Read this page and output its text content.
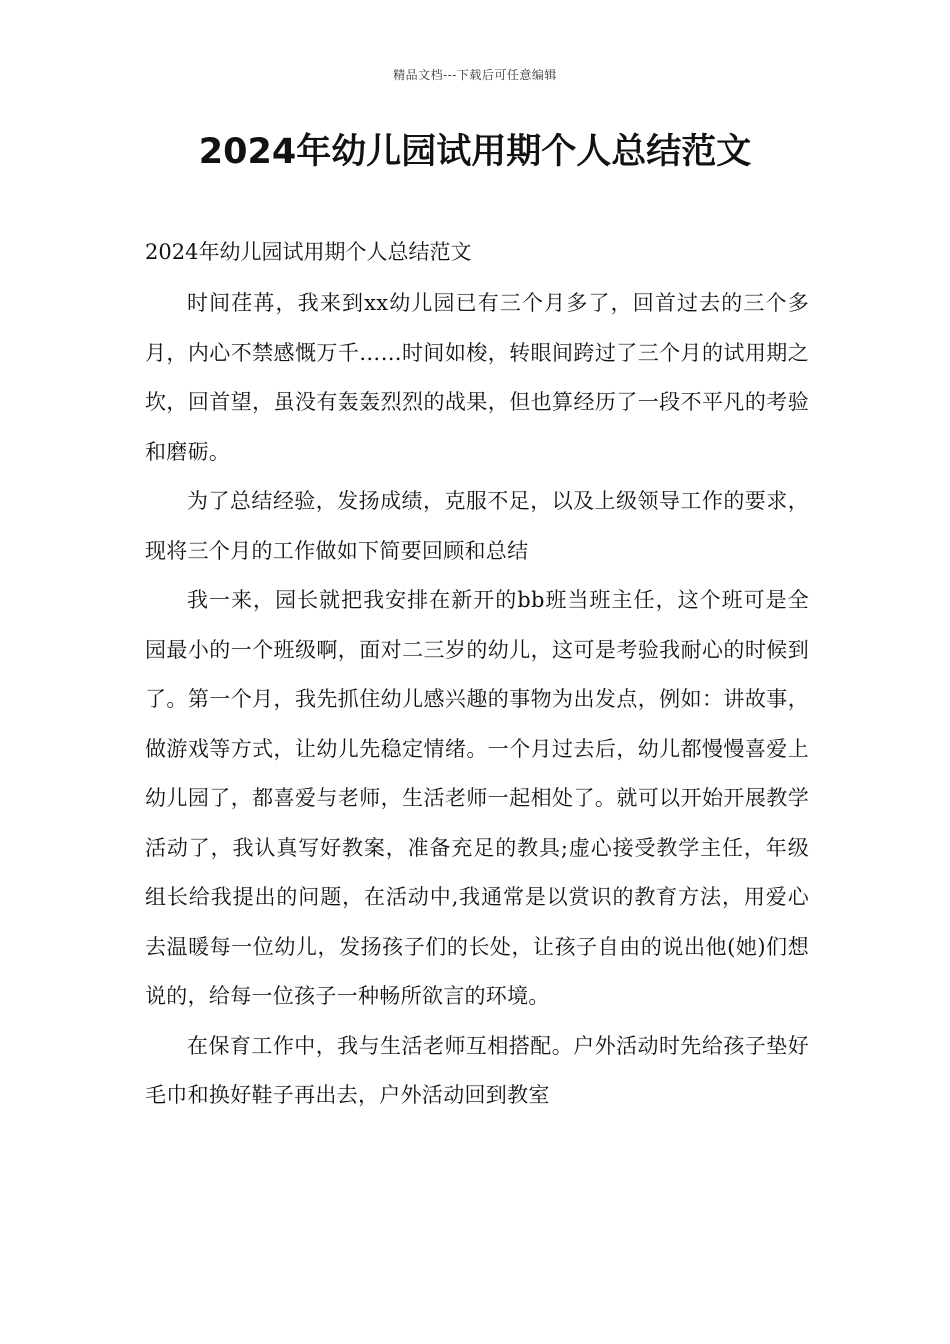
精品文档---下载后可任意编辑
2024年幼儿园试用期个人总结范文

2024年幼儿园试用期个人总结范文

时间荏苒，我来到xx幼儿园已有三个月多了，回首过去的三个多月，内心不禁感慨万千……时间如梭，转眼间跨过了三个月的试用期之坎，回首望，虽没有轰轰烈烈的战果，但也算经历了一段不平凡的考验和磨砺。

为了总结经验，发扬成绩，克服不足，以及上级领导工作的要求，现将三个月的工作做如下简要回顾和总结

我一来，园长就把我安排在新开的bb班当班主任，这个班可是全园最小的一个班级啊，面对二三岁的幼儿，这可是考验我耐心的时候到了。第一个月，我先抓住幼儿感兴趣的事物为出发点，例如：讲故事，做游戏等方式，让幼儿先稳定情绪。一个月过去后，幼儿都慢慢喜爱上幼儿园了，都喜爱与老师，生活老师一起相处了。就可以开始开展教学活动了，我认真写好教案，准备充足的教具;虚心接受教学主任，年级组长给我提出的问题，在活动中,我通常是以赏识的教育方法，用爱心去温暖每一位幼儿，发扬孩子们的长处，让孩子自由的说出他(她)们想说的，给每一位孩子一种畅所欲言的环境。

在保育工作中，我与生活老师互相搭配。户外活动时先给孩子垫好毛巾和换好鞋子再出去，户外活动回到教室
